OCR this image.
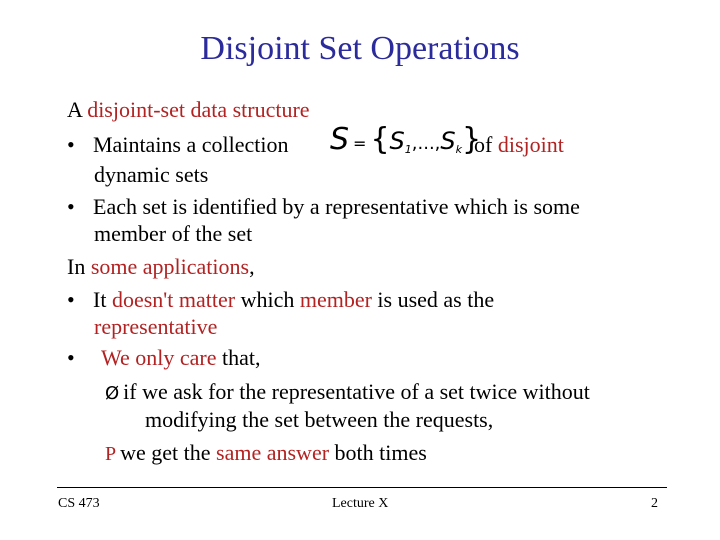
Disjoint Set Operations
A disjoint-set data structure
• Maintains a collection $S = \{S_1,...,S_k\}$
of disjoint
dynamic sets
• Each set is identified by a representative which is some
member of the set
In some applications,
• It doesn't matter which member is used as the
representative
• We only care that,
Ø if we ask for the representative of a set twice without
modifying the set between the requests,
P we get the same answer both times
CS 473	Lecture X	2
